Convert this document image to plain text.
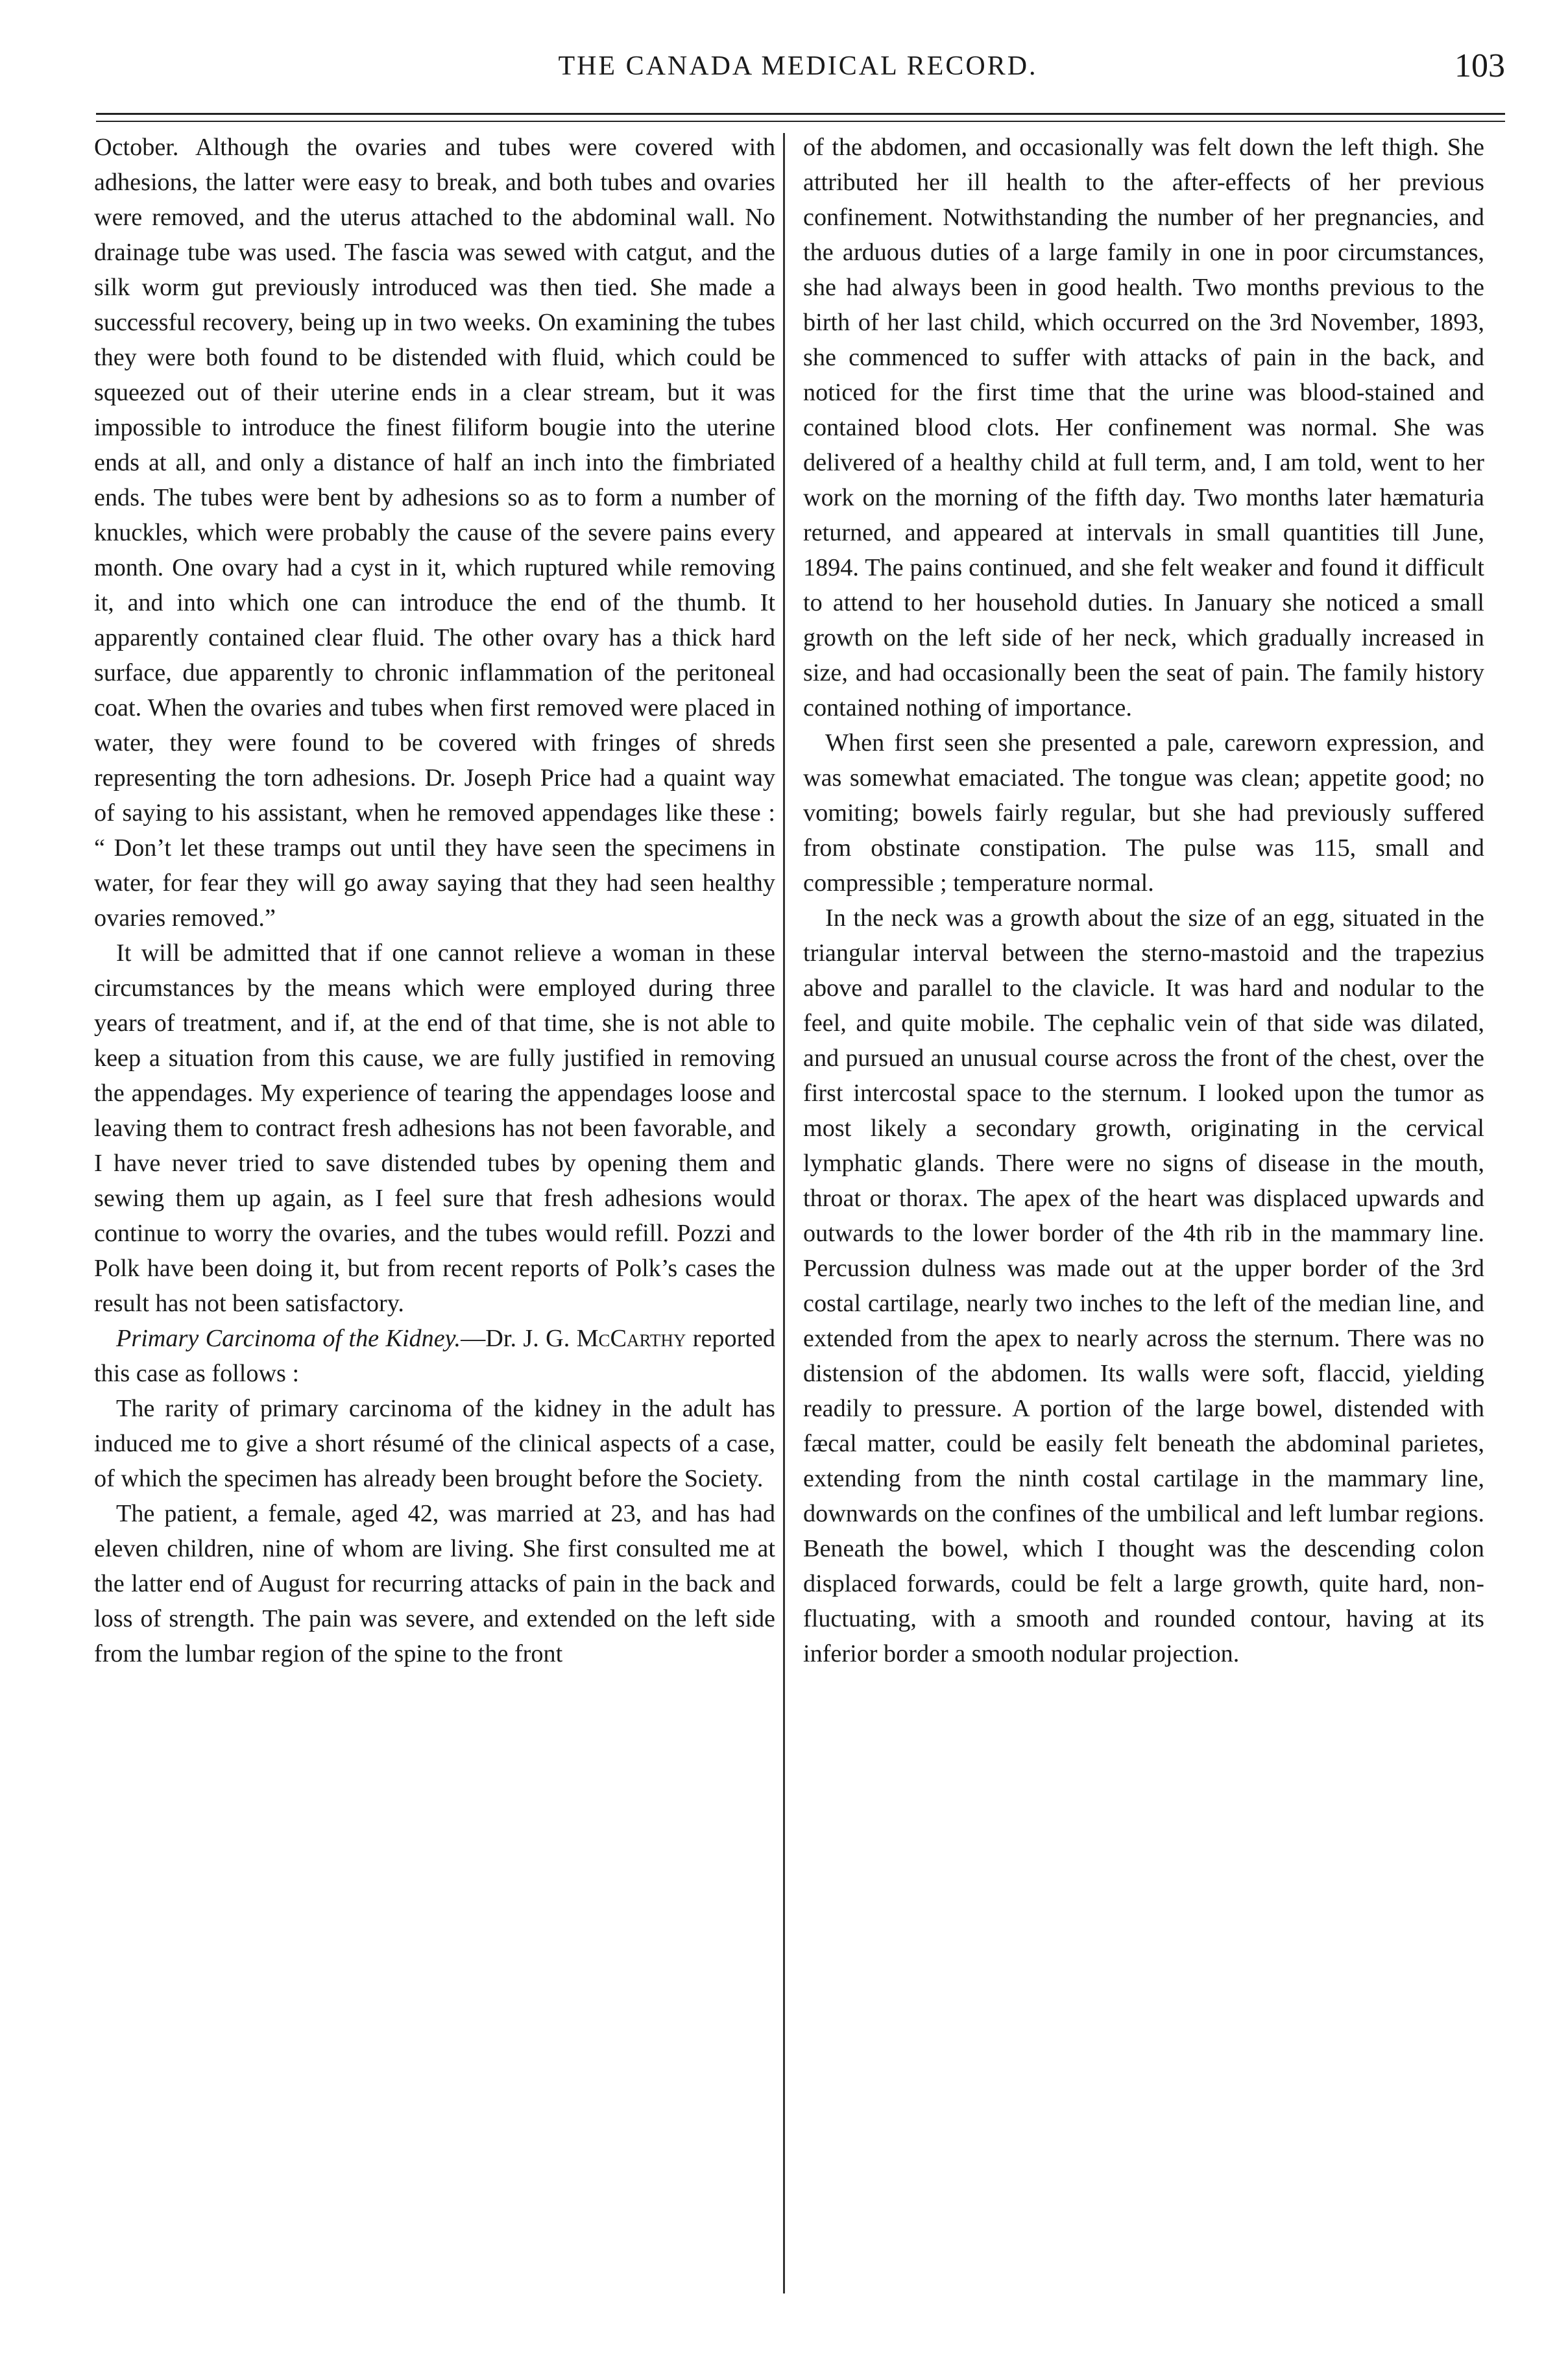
THE CANADA MEDICAL RECORD.	103

October. Although the ovaries and tubes were covered with adhesions, the latter were easy to break, and both tubes and ovaries were removed, and the uterus attached to the abdominal wall. No drainage tube was used. The fascia was sewed with catgut, and the silk worm gut previously introduced was then tied. She made a successful recovery, being up in two weeks. On examining the tubes they were both found to be distended with fluid, which could be squeezed out of their uterine ends in a clear stream, but it was impossible to introduce the finest filiform bougie into the uterine ends at all, and only a distance of half an inch into the fimbriated ends. The tubes were bent by adhesions so as to form a number of knuckles, which were probably the cause of the severe pains every month. One ovary had a cyst in it, which ruptured while removing it, and into which one can introduce the end of the thumb. It apparently contained clear fluid. The other ovary has a thick hard surface, due apparently to chronic inflammation of the peritoneal coat. When the ovaries and tubes when first removed were placed in water, they were found to be covered with fringes of shreds representing the torn adhesions. Dr. Joseph Price had a quaint way of saying to his assistant, when he removed appendages like these : “ Don’t let these tramps out until they have seen the specimens in water, for fear they will go away saying that they had seen healthy ovaries removed.”

It will be admitted that if one cannot relieve a woman in these circumstances by the means which were employed during three years of treatment, and if, at the end of that time, she is not able to keep a situation from this cause, we are fully justified in removing the appendages. My experience of tearing the appendages loose and leaving them to contract fresh adhesions has not been favorable, and I have never tried to save distended tubes by opening them and sewing them up again, as I feel sure that fresh adhesions would continue to worry the ovaries, and the tubes would refill. Pozzi and Polk have been doing it, but from recent reports of Polk’s cases the result has not been satisfactory.

Primary Carcinoma of the Kidney.—Dr. J. G. McCarthy reported this case as follows :

The rarity of primary carcinoma of the kidney in the adult has induced me to give a short résumé of the clinical aspects of a case, of which the specimen has already been brought before the Society.

The patient, a female, aged 42, was married at 23, and has had eleven children, nine of whom are living. She first consulted me at the latter end of August for recurring attacks of pain in the back and loss of strength. The pain was severe, and extended on the left side from the lumbar region of the spine to the front

of the abdomen, and occasionally was felt down the left thigh. She attributed her ill health to the after-effects of her previous confinement. Notwithstanding the number of her pregnancies, and the arduous duties of a large family in one in poor circumstances, she had always been in good health. Two months previous to the birth of her last child, which occurred on the 3rd November, 1893, she commenced to suffer with attacks of pain in the back, and noticed for the first time that the urine was blood-stained and contained blood clots. Her confinement was normal. She was delivered of a healthy child at full term, and, I am told, went to her work on the morning of the fifth day. Two months later hæmaturia returned, and appeared at intervals in small quantities till June, 1894. The pains continued, and she felt weaker and found it difficult to attend to her household duties. In January she noticed a small growth on the left side of her neck, which gradually increased in size, and had occasionally been the seat of pain. The family history contained nothing of importance.

When first seen she presented a pale, careworn expression, and was somewhat emaciated. The tongue was clean; appetite good; no vomiting; bowels fairly regular, but she had previously suffered from obstinate constipation. The pulse was 115, small and compressible ; temperature normal.

In the neck was a growth about the size of an egg, situated in the triangular interval between the sterno-mastoid and the trapezius above and parallel to the clavicle. It was hard and nodular to the feel, and quite mobile. The cephalic vein of that side was dilated, and pursued an unusual course across the front of the chest, over the first intercostal space to the sternum. I looked upon the tumor as most likely a secondary growth, originating in the cervical lymphatic glands. There were no signs of disease in the mouth, throat or thorax. The apex of the heart was displaced upwards and outwards to the lower border of the 4th rib in the mammary line. Percussion dulness was made out at the upper border of the 3rd costal cartilage, nearly two inches to the left of the median line, and extended from the apex to nearly across the sternum. There was no distension of the abdomen. Its walls were soft, flaccid, yielding readily to pressure. A portion of the large bowel, distended with fæcal matter, could be easily felt beneath the abdominal parietes, extending from the ninth costal cartilage in the mammary line, downwards on the confines of the umbilical and left lumbar regions. Beneath the bowel, which I thought was the descending colon displaced forwards, could be felt a large growth, quite hard, non-fluctuating, with a smooth and rounded contour, having at its inferior border a smooth nodular projection.
